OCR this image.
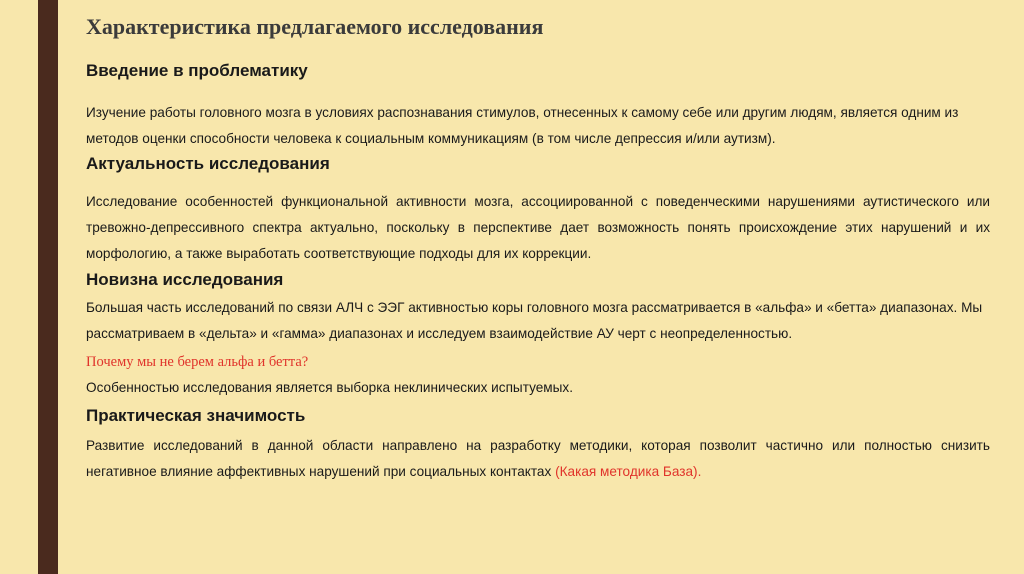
Характеристика предлагаемого исследования
Введение в проблематику

Изучение работы головного мозга в условиях распознавания стимулов, отнесенных к самому себе или другим людям, является одним из методов оценки способности человека к социальным коммуникациям (в том числе депрессия и/или аутизм).

Актуальность исследования

Исследование особенностей функциональной активности мозга, ассоциированной с поведенческими нарушениями аутистического или тревожно-депрессивного спектра актуально, поскольку в перспективе дает возможность понять происхождение этих нарушений и их морфологию, а также выработать соответствующие подходы для их коррекции.

Новизна исследования

Большая часть исследований по связи АЛЧ с ЭЭГ активностью коры головного мозга рассматривается в «альфа» и «бетта» диапазонах. Мы рассматриваем в «дельта» и «гамма» диапазонах и исследуем взаимодействие АУ черт с неопределенностью.

Почему мы не берем альфа и бетта?

Особенностью исследования является выборка неклинических испытуемых.

Практическая значимость

Развитие исследований в данной области направлено на разработку методики, которая позволит частично или полностью снизить негативное влияние аффективных нарушений при социальных контактах (Какая методика База).
